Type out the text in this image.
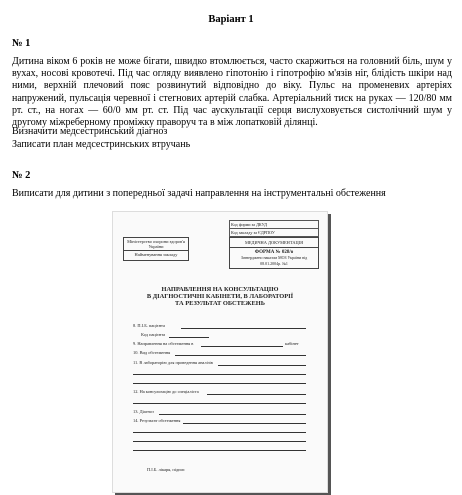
Варіант 1
№ 1
Дитина віком 6 років не може бігати, швидко втомлюється, часто скаржиться на головний біль, шум у вухах, носові кровотечі. Під час огляду виявлено гіпотонію і гіпотрофію м'язів ніг, блідість шкіри над ними, верхній плечовий пояс розвинутий відповідно до віку. Пульс на променевих артеріях напружений, пульсація черевної і стегнових артерій слабка. Артеріальний тиск на руках — 120/80 мм рт. ст., на ногах — 60/0 мм рт. ст. Під час аускультації серця вислуховується систолічний шум у другому міжреберному проміжку праворуч та в між лопатковій ділянці.
Визначити медсестринський діагноз
Записати план медсестринських втручань
№ 2
Виписати для дитини з попередньої задачі направлення на інструментальні обстеження
Код форми за ДКУД
Код закладу за ЄДРПОУ
Міністерство охорони здоров'я України
Найменування закладу
МЕДИЧНА ДОКУМЕНТАЦІЯ
ФОРМА № 028/о
Затверджено наказом МОЗ України від 08.01.2004р. №1
НАПРАВЛЕННЯ НА КОНСУЛЬТАЦІЮ
В ДІАГНОСТИЧНІ КАБІНЕТИ, В ЛАБОРАТОРІЇ
ТА РЕЗУЛЬТАТ ОБСТЕЖЕНЬ
8. П.І.Б. пацієнта
Код пацієнта
9. Направлення на обстеження в	кабінет
10. Вид обстеження
11. В лабораторію для проведення аналізів
12. На консультацію до спеціаліста
13. Діагноз
14. Результат обстеження
П.І.Б. лікаря, підпис
